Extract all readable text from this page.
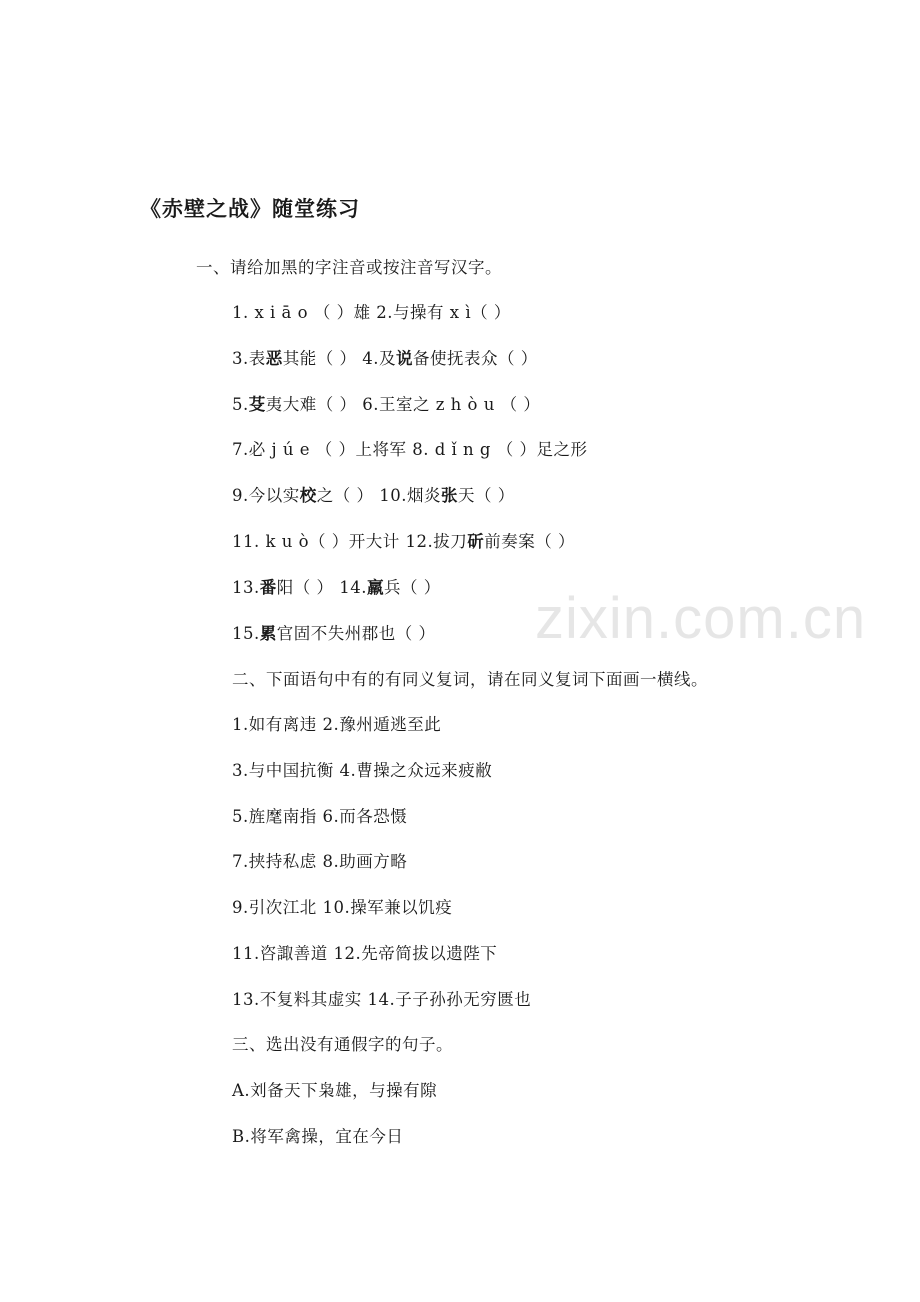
《赤壁之战》随堂练习
一、请给加黑的字注音或按注音写汉字。
1. x i ā o （ ）雄 2.与操有 x ì（ ）
3.表恶其能（ ） 4.及说备使抚表众（ ）
5.芟夷大难（ ） 6.王室之 z h ò u （ ）
7.必 j ú e （ ）上将军 8. d ǐ n g （ ）足之形
9.今以实校之（ ） 10.烟炎张天（ ）
11. k u ò（ ）开大计 12.拔刀斫前奏案（ ）
13.番阳（ ） 14.羸兵（ ）
15.累官固不失州郡也（ ）
二、下面语句中有的有同义复词，请在同义复词下面画一横线。
1.如有离违 2.豫州遁逃至此
3.与中国抗衡 4.曹操之众远来疲敝
5.旌麾南指 6.而各恐慑
7.挟持私虑 8.助画方略
9.引次江北 10.操军兼以饥疫
11.咨諏善道 12.先帝简拔以遗陛下
13.不复料其虚实 14.子子孙孙无穷匮也
三、选出没有通假字的句子。
A.刘备天下枭雄，与操有隙
B.将军禽操，宜在今日
zixin.com.cn
